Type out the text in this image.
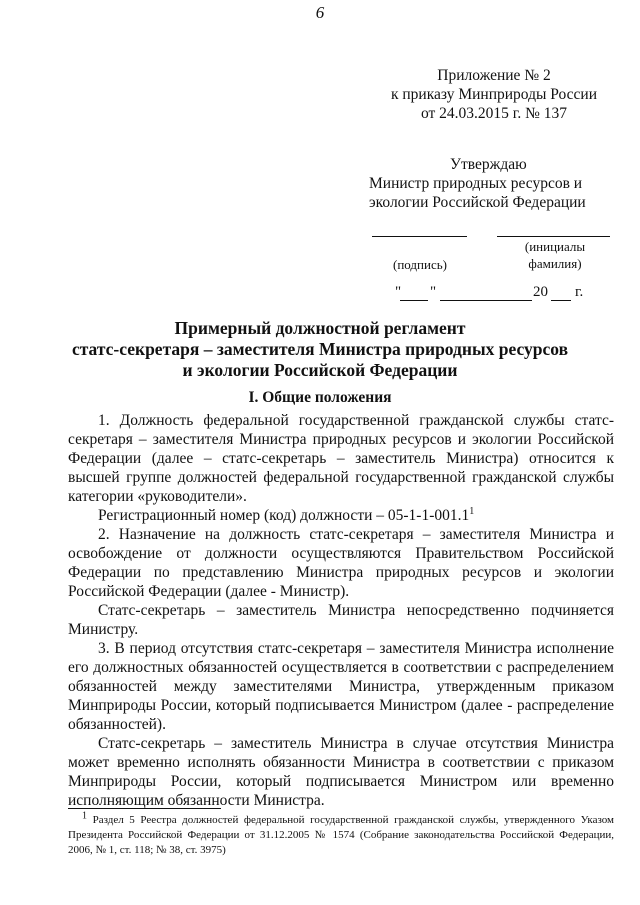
6
Приложение № 2
к приказу Минприроды России
от 24.03.2015 г. № 137
Утверждаю
Министр природных ресурсов и
экологии Российской Федерации
(подпись)
(инициалы
фамилия)
" "	20 г.
Примерный должностной регламент
статс-секретаря – заместителя Министра природных ресурсов
и экологии Российской Федерации
I. Общие положения

1. Должность федеральной государственной гражданской службы статс-секретаря – заместителя Министра природных ресурсов и экологии Российской Федерации (далее – статс-секретарь – заместитель Министра) относится к высшей группе должностей федеральной государственной гражданской службы категории «руководители».

Регистрационный номер (код) должности – 05-1-1-001.1$^1$

2. Назначение на должность статс-секретаря – заместителя Министра и освобождение от должности осуществляются Правительством Российской Федерации по представлению Министра природных ресурсов и экологии Российской Федерации (далее - Министр).

Статс-секретарь – заместитель Министра непосредственно подчиняется Министру.

3. В период отсутствия статс-секретаря – заместителя Министра исполнение его должностных обязанностей осуществляется в соответствии с распределением обязанностей между заместителями Министра, утвержденным приказом Минприроды России, который подписывается Министром (далее - распределение обязанностей).

Статс-секретарь – заместитель Министра в случае отсутствия Министра может временно исполнять обязанности Министра в соответствии с приказом Минприроды России, который подписывается Министром или временно исполняющим обязанности Министра.

$^1$ Раздел 5 Реестра должностей федеральной государственной гражданской службы, утвержденного Указом Президента Российской Федерации от 31.12.2005 № 1574 (Собрание законодательства Российской Федерации, 2006, № 1, ст. 118; № 38, ст. 3975)
